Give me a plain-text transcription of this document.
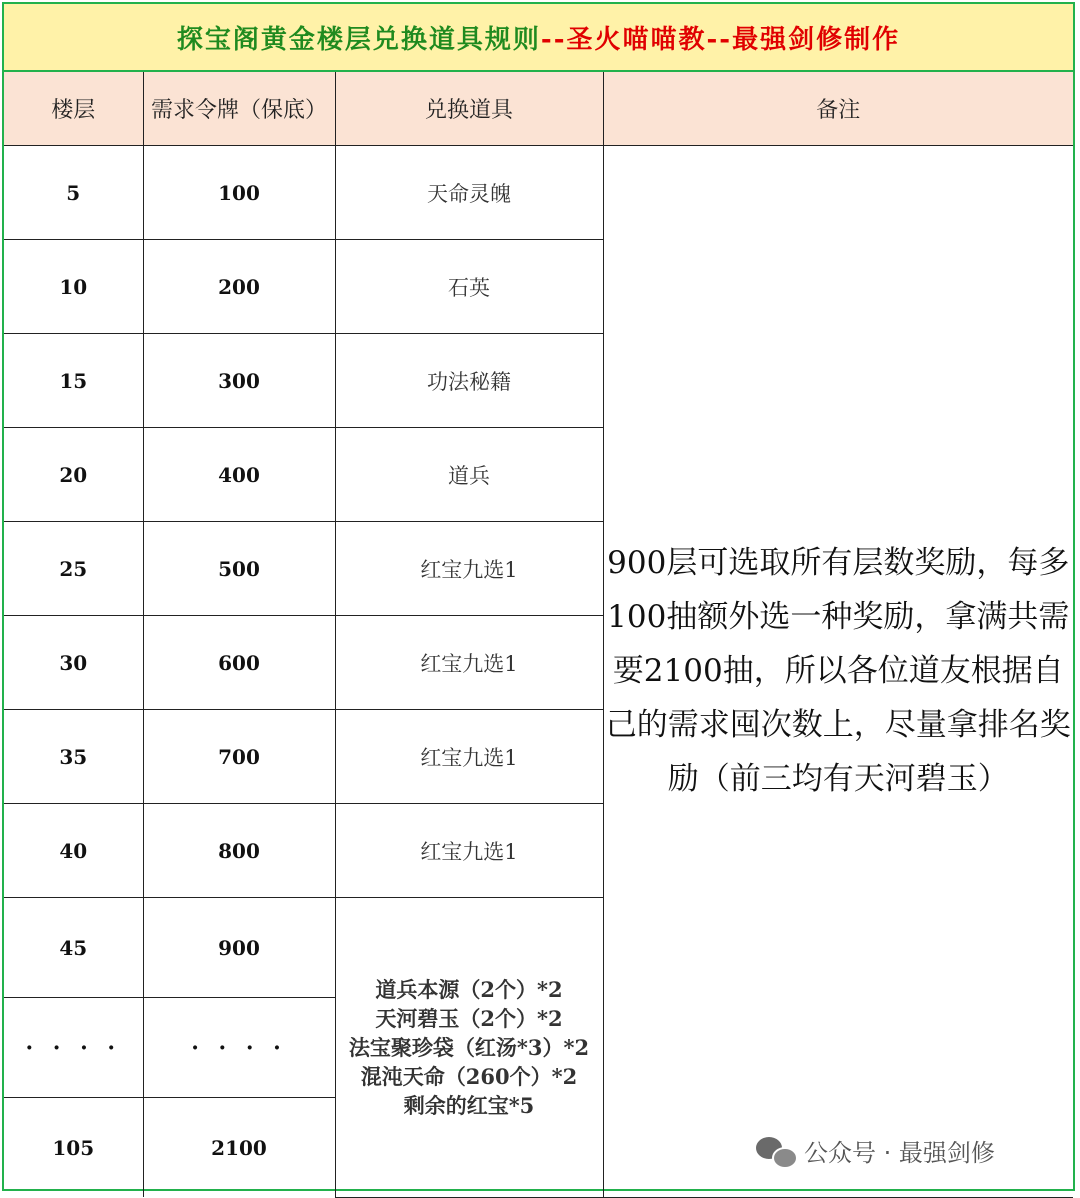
探宝阁黄金楼层兑换道具规则 --圣火喵喵教--最强剑修制作
楼层	需求令牌（保底）	兑换道具	备注
5	100	天命灵魄	900层可选取所有层数奖励，每多100抽额外选一种奖励，拿满共需要2100抽，所以各位道友根据自己的需求囤次数上，尽量拿排名奖励（前三均有天河碧玉）
10	200	石英	
15	300	功法秘籍	
20	400	道兵	
25	500	红宝九选1	
30	600	红宝九选1	
35	700	红宝九选1	
40	800	红宝九选1	
45	900	道兵本源（2个）*2
天河碧玉（2个）*2
法宝聚珍袋（红汤*3）*2
混沌天命（260个）*2
剩余的红宝*5	

· · · ·	· · · ·		
105	2100			公众号 · 最强剑修
